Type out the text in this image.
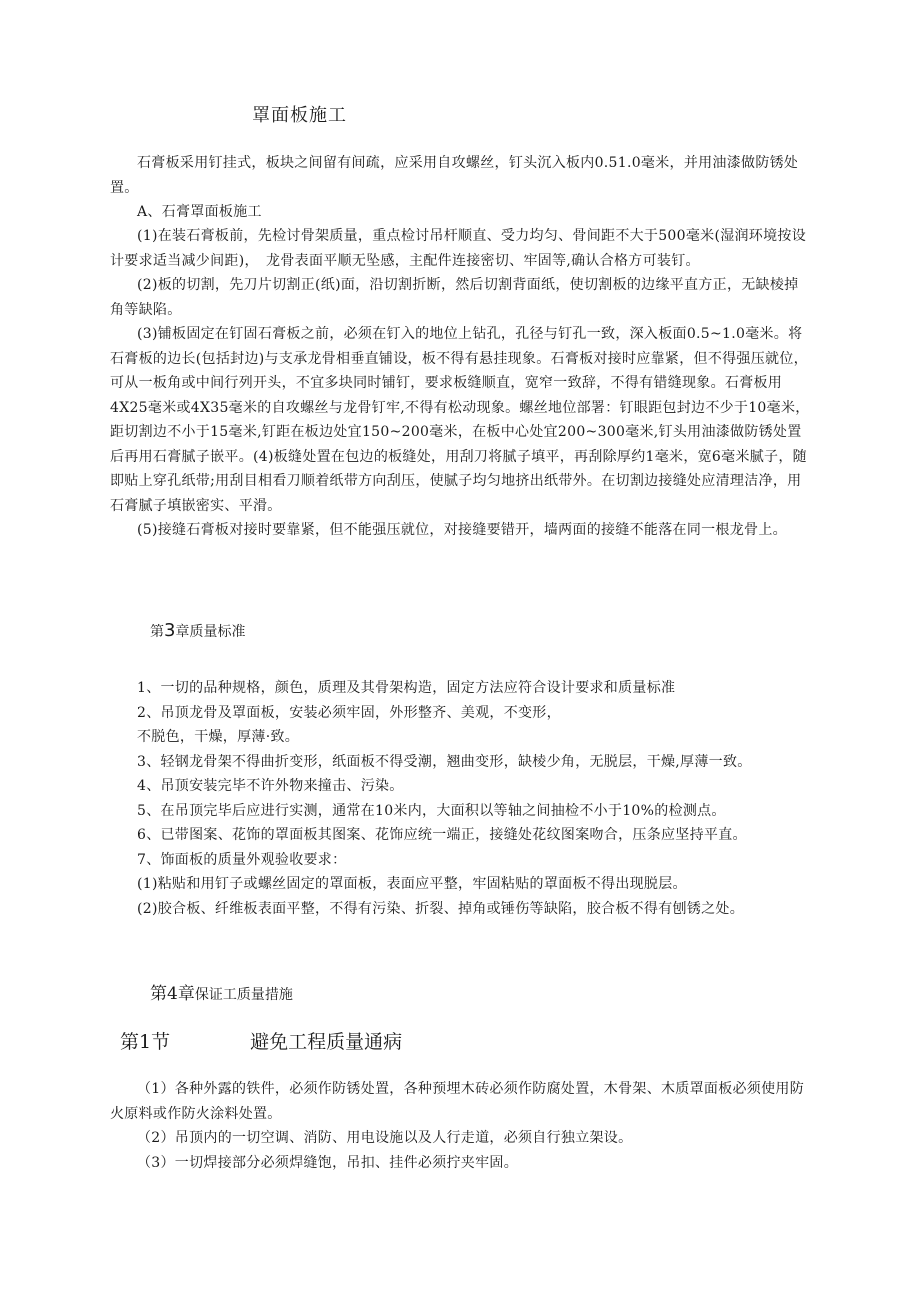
罩面板施工

石膏板采用钉挂式，板块之间留有间疏，应采用自攻螺丝，钉头沉入板内0.51.0毫米，并用油漆做防锈处置。

A、石膏罩面板施工

(1)在装石膏板前，先检讨骨架质量，重点检讨吊杆顺直、受力均匀、骨间距不大于500毫米(湿润环境按设计要求适当减少间距)，　龙骨表面平顺无坠感，主配件连接密切、牢固等,确认合格方可装钉。

(2)板的切割，先刀片切割正(纸)面，沿切割折断，然后切割背面纸，使切割板的边缘平直方正，无缺棱掉角等缺陷。

(3)铺板固定在钉固石膏板之前，必须在钉入的地位上钻孔，孔径与钉孔一致，深入板面0.5~1.0毫米。将石膏板的边长(包括封边)与支承龙骨相垂直铺设，板不得有悬挂现象。石膏板对接时应靠紧，但不得强压就位，可从一板角或中间行列开头，不宜多块同时铺钉，要求板缝顺直，宽窄一致辞，不得有错缝现象。石膏板用4X25毫米或4X35毫米的自攻螺丝与龙骨钉牢,不得有松动现象。螺丝地位部署：钉眼距包封边不少于10毫米，距切割边不小于15毫米,钉距在板边处宜150~200毫米，在板中心处宜200~300毫米,钉头用油漆做防锈处置后再用石膏腻子嵌平。(4)板缝处置在包边的板缝处，用刮刀将腻子填平，再刮除厚约1毫米，宽6毫米腻子，随即贴上穿孔纸带;用刮目相看刀顺着纸带方向刮压，使腻子均匀地挤出纸带外。在切割边接缝处应清理洁净，用石膏腻子填嵌密实、平滑。

(5)接缝石膏板对接时要靠紧，但不能强压就位，对接缝要错开，墙两面的接缝不能落在同一根龙骨上。

第3章质量标准
1、一切的品种规格，颜色，质理及其骨架构造，固定方法应符合设计要求和质量标准
2、吊顶龙骨及罩面板，安装必须牢固，外形整齐、美观，不变形，
不脱色，干燥，厚薄·致。
3、轻钢龙骨架不得曲折变形，纸面板不得受潮，翘曲变形，缺棱少角，无脱层，干燥,厚薄一致。
4、吊顶安装完毕不许外物来撞击、污染。
5、在吊顶完毕后应进行实测，通常在10米内，大面积以等轴之间抽检不小于10%的检测点。
6、已带图案、花饰的罩面板其图案、花饰应统一端正，接缝处花纹图案吻合，压条应坚持平直。
7、饰面板的质量外观验收要求：
(1)粘贴和用钉子或螺丝固定的罩面板，表面应平整，牢固粘贴的罩面板不得出现脱层。
(2)胶合板、纤维板表面平整，不得有污染、折裂、掉角或锤伤等缺陷，胶合板不得有刨锈之处。
第4章保证工质量措施
第1节	避免工程质量通病

（1）各种外露的铁件，必须作防锈处置，各种预埋木砖必须作防腐处置，木骨架、木质罩面板必须使用防火原料或作防火涂料处置。

（2）吊顶内的一切空调、消防、用电设施以及人行走道，必须自行独立架设。

（3）一切焊接部分必须焊缝饱，吊扣、挂件必须拧夹牢固。
